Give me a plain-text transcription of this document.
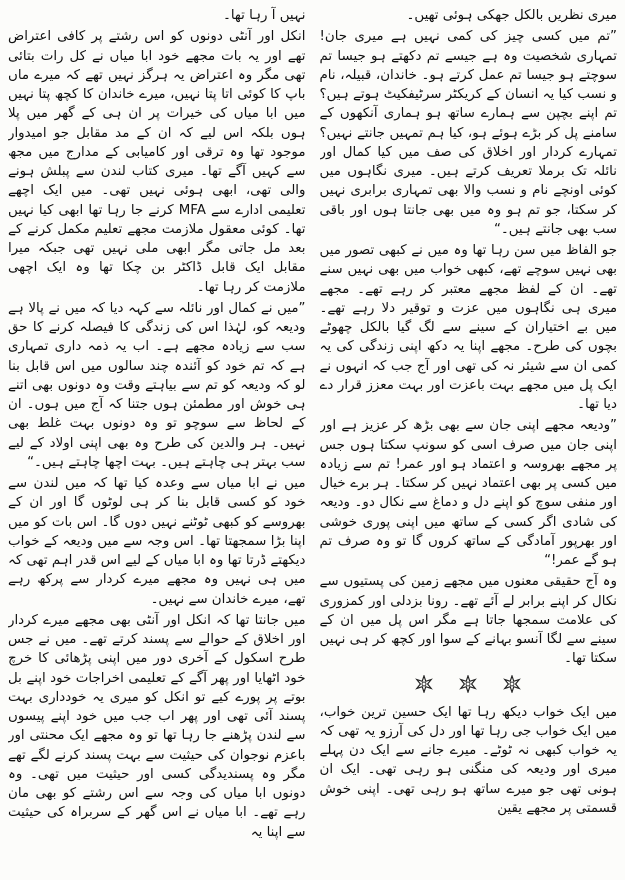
میری نظریں بالکل جھکی ہوئی تھیں۔

”تم میں کسی چیز کی کمی نہیں ہے میری جان! تمہاری شخصیت وہ ہے جیسے تم دکھتے ہو جیسا تم سوچتے ہو جیسا تم عمل کرتے ہو۔ خاندان، قبیلہ، نام و نسب کیا یہ انسان کے کریکٹر سرٹیفکیٹ ہوتے ہیں؟ تم اپنے بچپن سے ہمارے ساتھ ہو ہماری آنکھوں کے سامنے پل کر بڑے ہوئے ہو، کیا ہم تمہیں جانتے نہیں؟ تمہارے کردار اور اخلاق کی صف میں کیا کمال اور نائلہ تک برملا تعریف کرتے ہیں۔ میری نگاہوں میں کوئی اونچے نام و نسب والا بھی تمہاری برابری نہیں کر سکتا، جو تم ہو وہ میں بھی جانتا ہوں اور باقی سب بھی جانتے ہیں۔“

جو الفاظ میں سن رہا تھا وہ میں نے کبھی تصور میں بھی نہیں سوچے تھے، کبھی خواب میں بھی نہیں سنے تھے۔ ان کے لفظ مجھے معتبر کر رہے تھے۔ مجھے میری ہی نگاہوں میں عزت و توقیر دلا رہے تھے۔ میں بے اختیاران کے سینے سے لگ گیا بالکل چھوٹے بچوں کی طرح۔ مجھے اپنا یہ دکھ اپنی زندگی کی یہ کمی ان سے شیئر نہ کی تھی اور آج جب کہ انہوں نے ایک پل میں مجھے بہت باعزت اور بہت معزز قرار دے دیا تھا۔

”ودیعہ مجھے اپنی جان سے بھی بڑھ کر عزیز ہے اور اپنی جان میں صرف اسی کو سونپ سکتا ہوں جس پر مجھے بھروسہ و اعتماد ہو اور عمر! تم سے زیادہ میں کسی پر بھی اعتماد نہیں کر سکتا۔ ہر برے خیال اور منفی سوچ کو اپنے دل و دماغ سے نکال دو۔ ودیعہ کی شادی اگر کسی کے ساتھ میں اپنی پوری خوشی اور بھرپور آمادگی کے ساتھ کروں گا تو وہ صرف تم ہو گے عمر!“

وہ آج حقیقی معنوں میں مجھے زمین کی پستیوں سے نکال کر اپنے برابر لے آئے تھے۔ رونا بزدلی اور کمزوری کی علامت سمجھا جاتا ہے مگر اس پل میں ان کے سینے سے لگا آنسو بہانے کے سوا اور کچھ کر ہی نہیں سکتا تھا۔

میں ایک خواب دیکھ رہا تھا ایک حسین ترین خواب، میں ایک خواب جی رہا تھا اور دل کی آرزو یہ تھی کہ یہ خواب کبھی نہ ٹوٹے۔ میرے جانے سے ایک دن پہلے میری اور ودیعہ کی منگنی ہو رہی تھی۔ ایک ان ہونی تھی جو میرے ساتھ ہو رہی تھی۔ اپنی خوش قسمتی پر مجھے یقین

نہیں آ رہا تھا۔

انکل اور آنٹی دونوں کو اس رشتے پر کافی اعتراض تھے اور یہ بات مجھے خود ابا میاں نے کل رات بتائی تھی مگر وہ اعتراض یہ ہرگز نہیں تھے کہ میرے ماں باپ کا کوئی اتا پتا نہیں، میرے خاندان کا کچھ پتا نہیں میں ابا میاں کی خیرات پر ان ہی کے گھر میں پلا ہوں بلکہ اس لیے کہ ان کے مد مقابل جو امیدوار موجود تھا وہ ترقی اور کامیابی کے مدارج میں مجھ سے کہیں آگے تھا۔ میری کتاب لندن سے پبلش ہونے والی تھی، ابھی ہوئی نہیں تھی۔ میں ایک اچھے تعلیمی ادارے سے MFA کرنے جا رہا تھا ابھی کیا نہیں تھا۔ کوئی معقول ملازمت مجھے تعلیم مکمل کرنے کے بعد مل جاتی مگر ابھی ملی نہیں تھی جبکہ میرا مقابل ایک قابل ڈاکٹر بن چکا تھا وہ ایک اچھی ملازمت کر رہا تھا۔

”میں نے کمال اور نائلہ سے کہہ دیا کہ میں نے پالا ہے ودیعہ کو، لہٰذا اس کی زندگی کا فیصلہ کرنے کا حق سب سے زیادہ مجھے ہے۔ اب یہ ذمہ داری تمہاری ہے کہ تم خود کو آئندہ چند سالوں میں اس قابل بنا لو کہ ودیعہ کو تم سے بیاہتے وقت وہ دونوں بھی اتنے ہی خوش اور مطمئن ہوں جتنا کہ آج میں ہوں۔ ان کے لحاظ سے سوچو تو وہ دونوں بہت غلط بھی نہیں۔ ہر والدین کی طرح وہ بھی اپنی اولاد کے لیے سب بہتر ہی چاہتے ہیں۔ بہت اچھا چاہتے ہیں۔“

میں نے ابا میاں سے وعدہ کیا تھا کہ میں لندن سے خود کو کسی قابل بنا کر ہی لوٹوں گا اور ان کے بھروسے کو کبھی ٹوٹنے نہیں دوں گا۔ اس بات کو میں اپنا بڑا سمجھتا تھا۔ اس وجہ سے میں ودیعہ کے خواب دیکھتے ڈرتا تھا وہ ابا میاں کے لیے اس قدر اہم تھی کہ میں ہی نہیں وہ مجھے میرے کردار سے پرکھ رہے تھے، میرے خاندان سے نہیں۔

میں جانتا تھا کہ انکل اور آنٹی بھی مجھے میرے کردار اور اخلاق کے حوالے سے پسند کرتے تھے۔ میں نے جس طرح اسکول کے آخری دور میں اپنی پڑھائی کا خرچ خود اٹھایا اور پھر آگے کے تعلیمی اخراجات خود اپنے بل بوتے پر پورے کیے تو انکل کو میری یہ خودداری بہت پسند آئی تھی اور پھر اب جب میں خود اپنے پیسوں سے لندن پڑھنے جا رہا تھا تو وہ مجھے ایک محنتی اور باعزم نوجوان کی حیثیت سے بہت پسند کرنے لگے تھے مگر وہ پسندیدگی کسی اور حیثیت میں تھی۔ وہ دونوں ابا میاں کی وجہ سے اس رشتے کو بھی مان رہے تھے۔ ابا میاں نے اس گھر کے سربراہ کی حیثیت سے اپنا یہ
